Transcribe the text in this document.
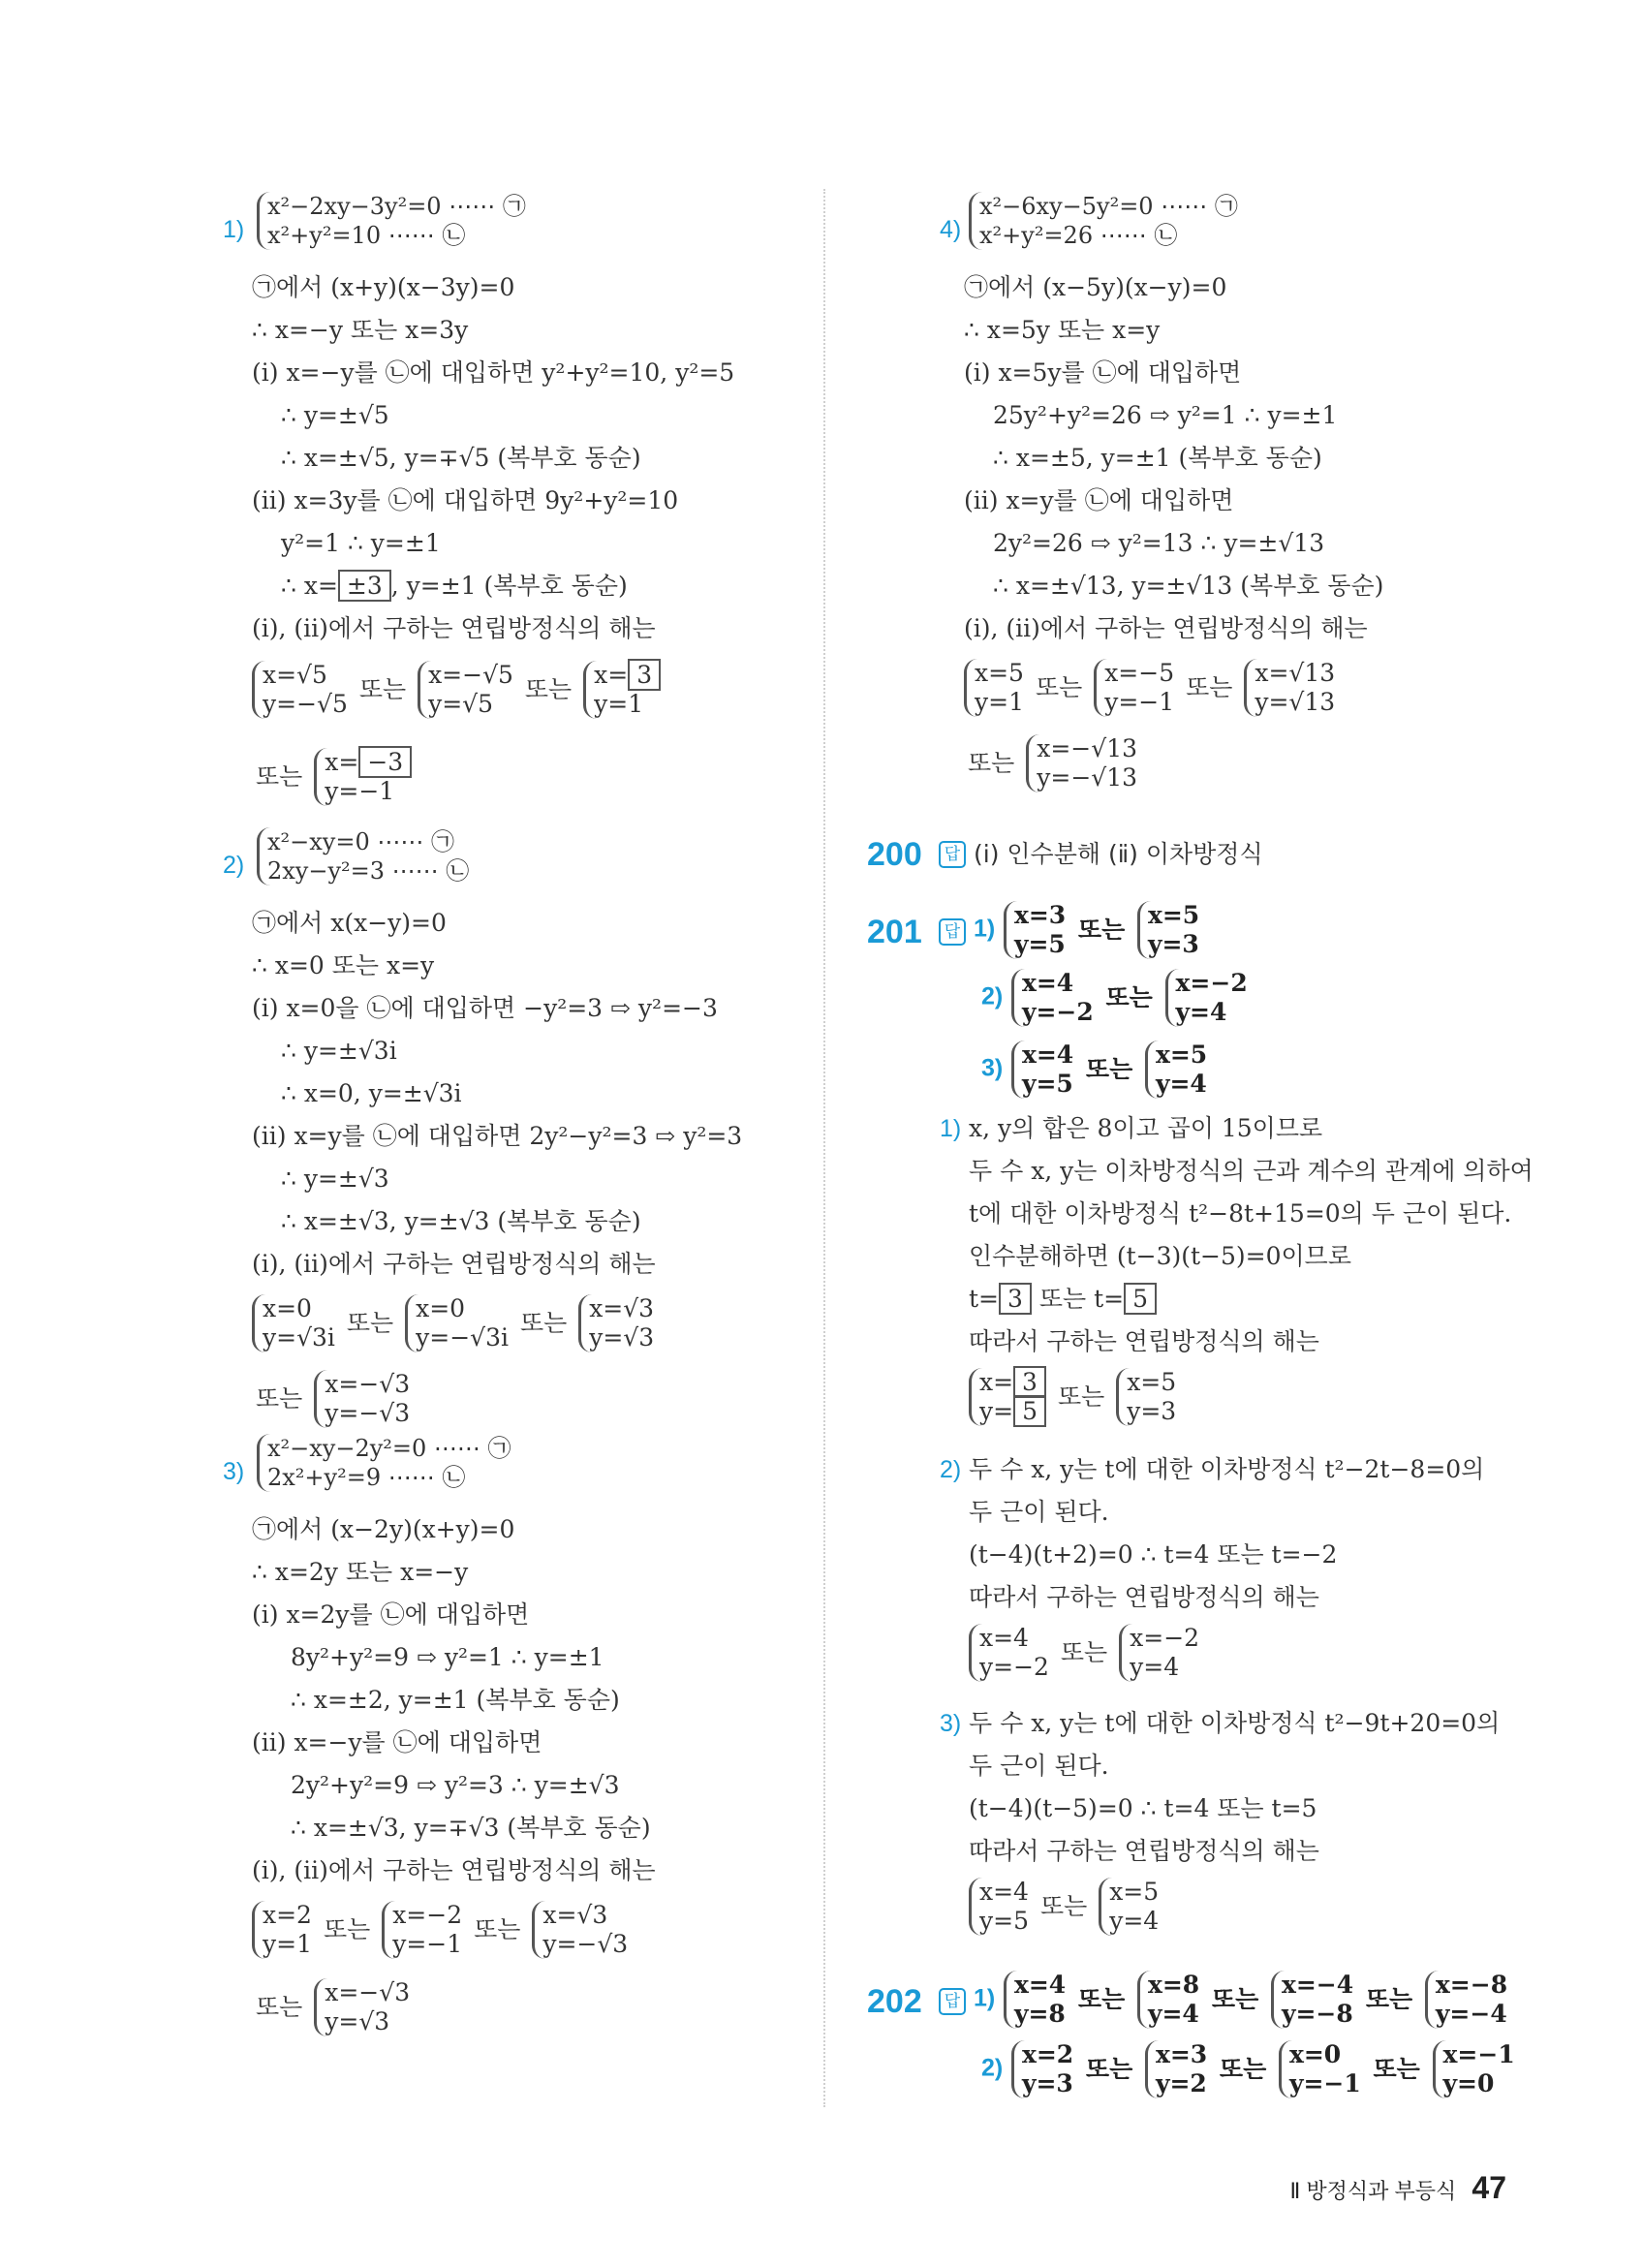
1)
x²−2xy−3y²=0 ⋯⋯ ㉠
x²+y²=10 ⋯⋯ ㉡
㉠에서 (x+y)(x−3y)=0
∴ x=−y 또는 x=3y
(ⅰ) x=−y를 ㉡에 대입하면 y²+y²=10, y²=5
∴ y=±√5
∴ x=±√5, y=∓√5 (복부호 동순)
(ⅱ) x=3y를 ㉡에 대입하면 9y²+y²=10
y²=1 ∴ y=±1
∴ x= ±3 , y=±1 (복부호 동순)
(ⅰ), (ⅱ)에서 구하는 연립방정식의 해는
x=√5
y=−√5
또는
x=−√5
y=√5
또는
x= 3
y=1
또는
x= −3
y=−1
2)
x²−xy=0 ⋯⋯ ㉠
2xy−y²=3 ⋯⋯ ㉡
㉠에서 x(x−y)=0
∴ x=0 또는 x=y
(ⅰ) x=0을 ㉡에 대입하면 −y²=3 ⇨ y²=−3
∴ y=±√3i
∴ x=0, y=±√3i
(ⅱ) x=y를 ㉡에 대입하면 2y²−y²=3 ⇨ y²=3
∴ y=±√3
∴ x=±√3, y=±√3 (복부호 동순)
(ⅰ), (ⅱ)에서 구하는 연립방정식의 해는
x=0
y=√3i
또는
x=0
y=−√3i
또는
x=√3
y=√3
또는
x=−√3
y=−√3
3)
x²−xy−2y²=0 ⋯⋯ ㉠
2x²+y²=9 ⋯⋯ ㉡
㉠에서 (x−2y)(x+y)=0
∴ x=2y 또는 x=−y
(ⅰ) x=2y를 ㉡에 대입하면
8y²+y²=9 ⇨ y²=1 ∴ y=±1
∴ x=±2, y=±1 (복부호 동순)
(ⅱ) x=−y를 ㉡에 대입하면
2y²+y²=9 ⇨ y²=3 ∴ y=±√3
∴ x=±√3, y=∓√3 (복부호 동순)
(ⅰ), (ⅱ)에서 구하는 연립방정식의 해는
x=2
y=1
또는
x=−2
y=−1
또는
x=√3
y=−√3
또는
x=−√3
y=√3
4)
x²−6xy−5y²=0 ⋯⋯ ㉠
x²+y²=26 ⋯⋯ ㉡
㉠에서 (x−5y)(x−y)=0
∴ x=5y 또는 x=y
(ⅰ) x=5y를 ㉡에 대입하면
25y²+y²=26 ⇨ y²=1 ∴ y=±1
∴ x=±5, y=±1 (복부호 동순)
(ⅱ) x=y를 ㉡에 대입하면
2y²=26 ⇨ y²=13 ∴ y=±√13
∴ x=±√13, y=±√13 (복부호 동순)
(ⅰ), (ⅱ)에서 구하는 연립방정식의 해는
x=5
y=1
또는
x=−5
y=−1
또는
x=√13
y=√13
또는
x=−√13
y=−√13
200	답 (ⅰ) 인수분해 (ⅱ) 이차방정식
201	답 1) x=3
y=5
또는
x=5
y=3
2) x=4
y=−2
또는
x=−2
y=4
3) x=4
y=5
또는
x=5
y=4
1) x, y의 합은 8이고 곱이 15이므로
두 수 x, y는 이차방정식의 근과 계수의 관계에 의하여
t에 대한 이차방정식 t²−8t+15=0의 두 근이 된다.
인수분해하면 (t−3)(t−5)=0이므로
t= 3 또는 t= 5
따라서 구하는 연립방정식의 해는
x= 3
y= 5
또는
x=5
y=3
2) 두 수 x, y는 t에 대한 이차방정식 t²−2t−8=0의
두 근이 된다.
(t−4)(t+2)=0 ∴ t=4 또는 t=−2
따라서 구하는 연립방정식의 해는
x=4
y=−2
또는
x=−2
y=4
3) 두 수 x, y는 t에 대한 이차방정식 t²−9t+20=0의
두 근이 된다.
(t−4)(t−5)=0 ∴ t=4 또는 t=5
따라서 구하는 연립방정식의 해는
x=4
y=5
또는
x=5
y=4
202	답 1) x=4
y=8
또는
x=8
y=4
또는
x=−4
y=−8
또는
x=−8
y=−4
2) x=2
y=3
또는
x=3
y=2
또는
x=0
y=−1
또는
x=−1
y=0
Ⅱ 방정식과 부등식 47
